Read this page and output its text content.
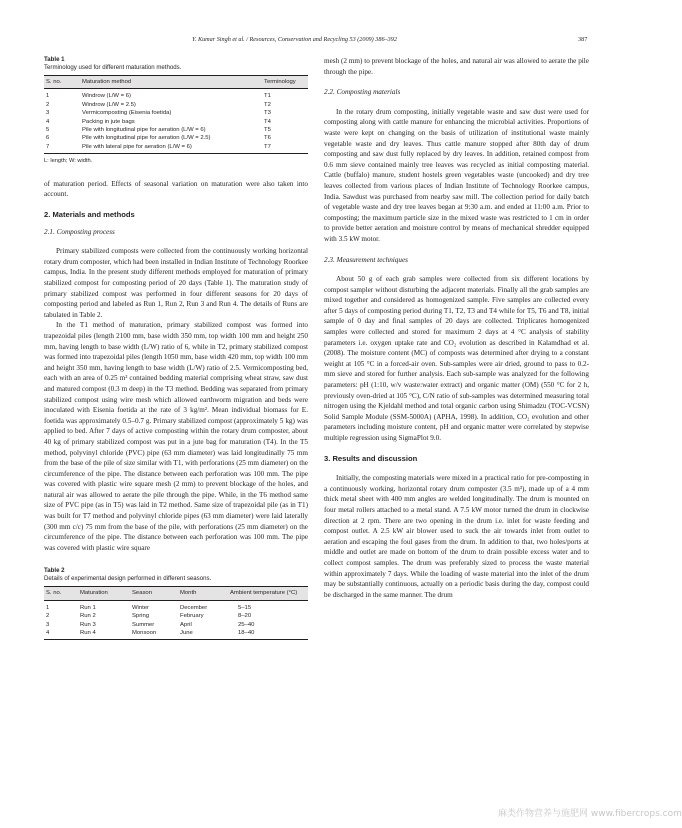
Y. Kumar Singh et al. / Resources, Conservation and Recycling 53 (2009) 386–392	387
Table 1
Terminology used for different maturation methods.
S. no.	Maturation method	Terminology
1	Windrow (L/W = 6)	T1
2	Windrow (L/W = 2.5)	T2
3	Vermicomposting (Eisenia foetida)	T3
4	Packing in jute bags	T4
5	Pile with longitudinal pipe for aeration (L/W = 6)	T5
6	Pile with longitudinal pipe for aeration (L/W = 2.5)	T6
7	Pile with lateral pipe for aeration (L/W = 6)	T7
L: length; W: width.

of maturation period. Effects of seasonal variation on maturation were also taken into account.

2. Materials and methods
2.1. Composting process

Primary stabilized composts were collected from the continuously working horizontal rotary drum composter, which had been installed in Indian Institute of Technology Roorkee campus, India. In the present study different methods employed for maturation of primary stabilized compost for composting period of 20 days (Table 1). The maturation study of primary stabilized compost was performed in four different seasons for 20 days of composting period and labeled as Run 1, Run 2, Run 3 and Run 4. The details of Runs are tabulated in Table 2.

In the T1 method of maturation, primary stabilized compost was formed into trapezoidal piles (length 2100 mm, base width 350 mm, top width 100 mm and height 250 mm, having length to base width (L/W) ratio of 6, while in T2, primary stabilized compost was formed into trapezoidal piles (length 1050 mm, base width 420 mm, top width 100 mm and height 350 mm, having length to base width (L/W) ratio of 2.5. Vermicomposting bed, each with an area of 0.25 m² contained bedding material comprising wheat straw, saw dust and matured compost (0.3 m deep) in the T3 method. Bedding was separated from primary stabilized compost using wire mesh which allowed earthworm migration and beds were inoculated with Eisenia foetida at the rate of 3 kg/m². Mean individual biomass for E. foetida was approximately 0.5–0.7 g. Primary stabilized compost (approximately 5 kg) was applied to bed. After 7 days of active composting within the rotary drum composter, about 40 kg of primary stabilized compost was put in a jute bag for maturation (T4). In the T5 method, polyvinyl chloride (PVC) pipe (63 mm diameter) was laid longitudinally 75 mm from the base of the pile of size similar with T1, with perforations (25 mm diameter) on the circumference of the pipe. The distance between each perforation was 100 mm. The pipe was covered with plastic wire square mesh (2 mm) to prevent blockage of the holes, and natural air was allowed to aerate the pile through the pipe. While, in the T6 method same size of PVC pipe (as in T5) was laid in T2 method. Same size of trapezoidal pile (as in T1) was built for T7 method and polyvinyl chloride pipes (63 mm diameter) were laid laterally (300 mm c/c) 75 mm from the base of the pile, with perforations (25 mm diameter) on the circumference of the pipe. The distance between each perforation was 100 mm. The pipe was covered with plastic wire square

Table 2
Details of experimental design performed in different seasons.
S. no.	Maturation	Season	Month	Ambient temperature (°C)
1	Run 1	Winter	December	5–15
2	Run 2	Spring	February	8–20
3	Run 3	Summer	April	25–40
4	Run 4	Monsoon	June	18–40

mesh (2 mm) to prevent blockage of the holes, and natural air was allowed to aerate the pile through the pipe.

2.2. Composting materials

In the rotary drum composting, initially vegetable waste and saw dust were used for composting along with cattle manure for enhancing the microbial activities. Proportions of waste were kept on changing on the basis of utilization of institutional waste mainly vegetable waste and dry leaves. Thus cattle manure stopped after 80th day of drum composting and saw dust fully replaced by dry leaves. In addition, retained compost from 0.6 mm sieve contained mainly tree leaves was recycled as initial composting material. Cattle (buffalo) manure, student hostels green vegetables waste (uncooked) and dry tree leaves collected from various places of Indian Institute of Technology Roorkee campus, India. Sawdust was purchased from nearby saw mill. The collection period for daily batch of vegetable waste and dry tree leaves began at 9:30 a.m. and ended at 11:00 a.m. Prior to composting; the maximum particle size in the mixed waste was restricted to 1 cm in order to provide better aeration and moisture control by means of mechanical shredder equipped with 3.5 kW motor.

2.3. Measurement techniques

About 50 g of each grab samples were collected from six different locations by compost sampler without disturbing the adjacent materials. Finally all the grab samples are mixed together and considered as homogenized sample. Five samples are collected every after 5 days of composting period during T1, T2, T3 and T4 while for T5, T6 and T8, initial sample of 0 day and final samples of 20 days are collected. Triplicates homogenized samples were collected and stored for maximum 2 days at 4 °C analysis of stability parameters i.e. oxygen uptake rate and CO₂ evolution as described in Kalamdhad et al. (2008). The moisture content (MC) of composts was determined after drying to a constant weight at 105 °C in a forced-air oven. Sub-samples were air dried, ground to pass to 0.2-mm sieve and stored for further analysis. Each sub-sample was analyzed for the following parameters: pH (1:10, w/v waste:water extract) and organic matter (OM) (550 °C for 2 h, previously oven-dried at 105 °C), C/N ratio of sub-samples was determined measuring total nitrogen using the Kjeldahl method and total organic carbon using Shimadzu (TOC-VCSN) Solid Sample Module (SSM-5000A) (APHA, 1998). In addition, CO₂ evolution and other parameters including moisture content, pH and organic matter were correlated by stepwise multiple regression using SigmaPlot 9.0.

3. Results and discussion

Initially, the composting materials were mixed in a practical ratio for pre-composting in a continuously working, horizontal rotary drum composter (3.5 m³), made up of a 4 mm thick metal sheet with 400 mm angles are welded longitudinally. The drum is mounted on four metal rollers attached to a metal stand. A 7.5 kW motor turned the drum in clockwise direction at 2 rpm. There are two opening in the drum i.e. inlet for waste feeding and compost outlet. A 2.5 kW air blower used to suck the air towards inlet from outlet to aeration and escaping the foul gases from the drum. In addition to that, two holes/ports at middle and outlet are made on bottom of the drum to drain possible excess water and to collect compost samples. The drum was preferably sized to process the waste material within approximately 7 days. While the loading of waste material into the inlet of the drum may be substantially continuous, actually on a periodic basis during the day, compost could be discharged in the same manner. The drum

麻类作物营养与施肥网 www.fibercrops.com
